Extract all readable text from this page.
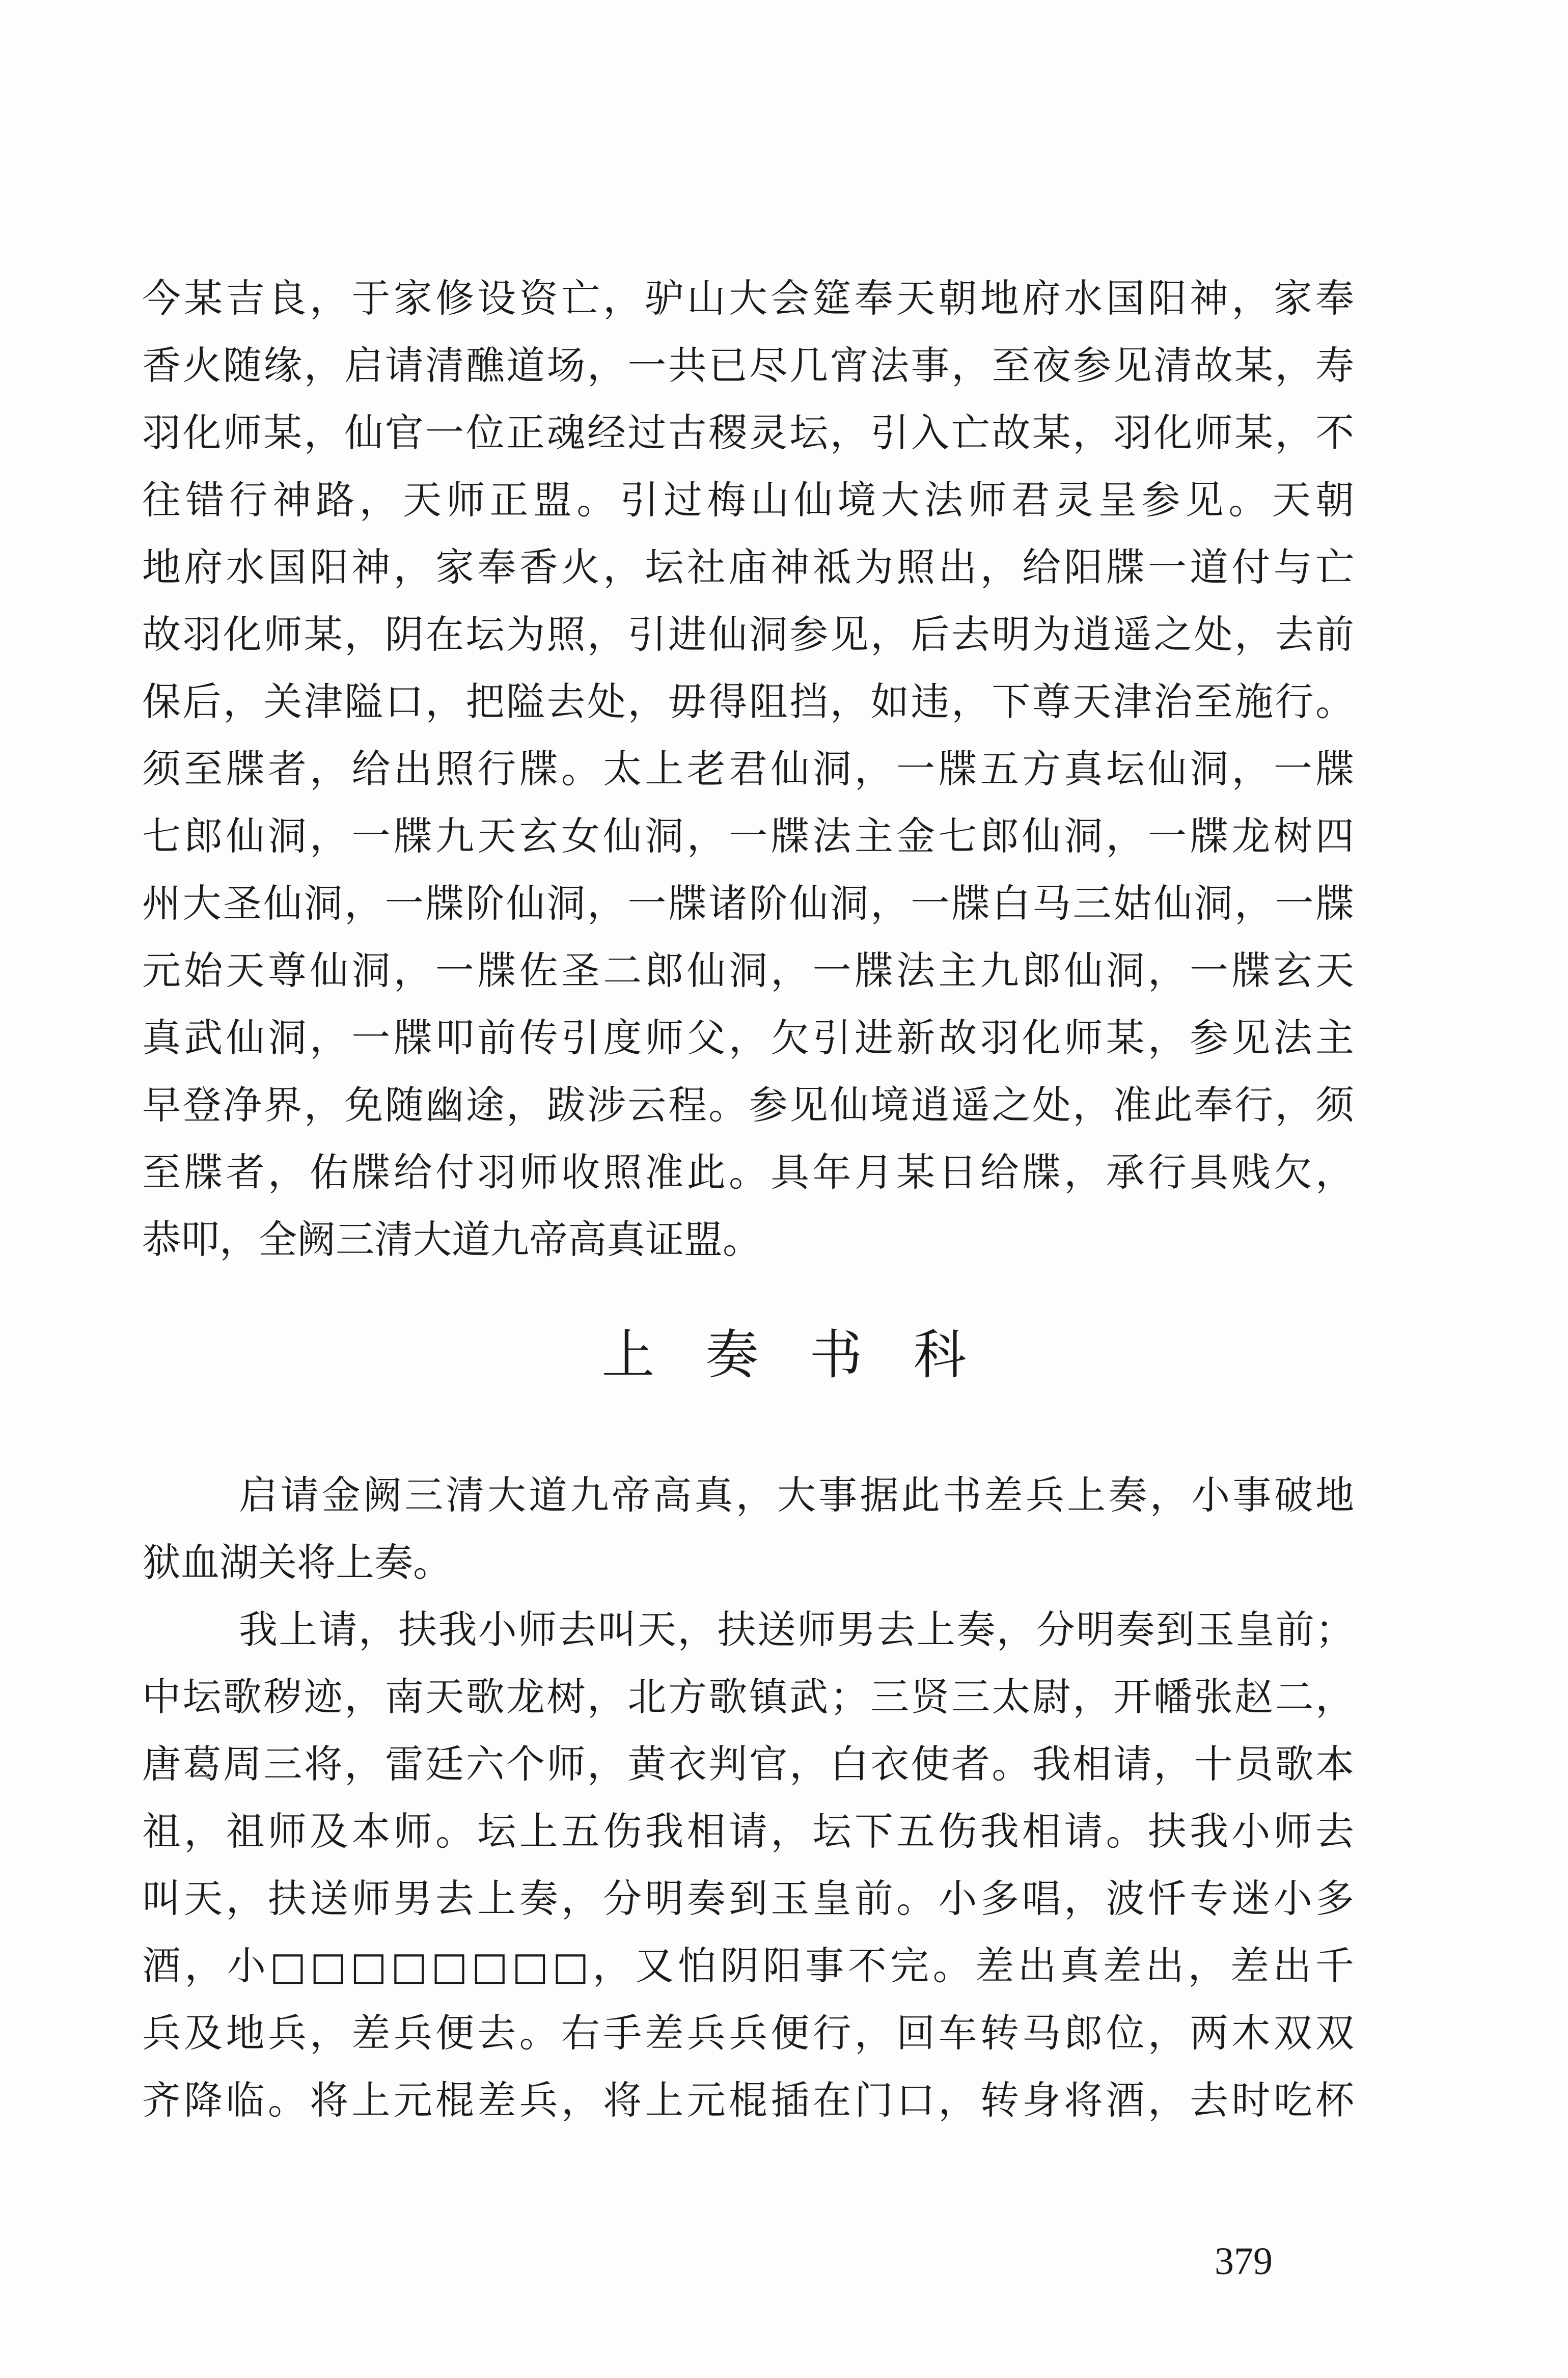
今某吉良，于家修设资亡，驴山大会筵奉天朝地府水国阳神，家奉
香火随缘，启请清醮道场，一共已尽几宵法事，至夜参见清故某，寿
羽化师某，仙官一位正魂经过古稷灵坛，引入亡故某，羽化师某，不
往错行神路，天师正盟。引过梅山仙境大法师君灵呈参见。天朝
地府水国阳神，家奉香火，坛社庙神祗为照出，给阳牒一道付与亡
故羽化师某，阴在坛为照，引进仙洞参见，后去明为逍遥之处，去前
保后，关津隘口，把隘去处，毋得阻挡，如违，下尊天津治至施行。
须至牒者，给出照行牒。太上老君仙洞，一牒五方真坛仙洞，一牒
七郎仙洞，一牒九天玄女仙洞，一牒法主金七郎仙洞，一牒龙树四
州大圣仙洞，一牒阶仙洞，一牒诸阶仙洞，一牒白马三姑仙洞，一牒
元始天尊仙洞，一牒佐圣二郎仙洞，一牒法主九郎仙洞，一牒玄天
真武仙洞，一牒叩前传引度师父，欠引进新故羽化师某，参见法主
早登净界，免随幽途，跋涉云程。参见仙境逍遥之处，准此奉行，须
至牒者，佑牒给付羽师收照准此。具年月某日给牒，承行具贱欠，
恭叩，全阙三清大道九帝高真证盟。
上奏书科
启请金阙三清大道九帝高真，大事据此书差兵上奏，小事破地
狱血湖关将上奏。
我上请，扶我小师去叫天，扶送师男去上奏，分明奏到玉皇前；
中坛歌秽迹，南天歌龙树，北方歌镇武；三贤三太尉，开幡张赵二，
唐葛周三将，雷廷六个师，黄衣判官，白衣使者。我相请，十员歌本
祖，祖师及本师。坛上五伤我相请，坛下五伤我相请。扶我小师去
叫天，扶送师男去上奏，分明奏到玉皇前。小多唱，波忏专迷小多
酒，小□□□□□□□□，又怕阴阳事不完。差出真差出，差出千
兵及地兵，差兵便去。右手差兵兵便行，回车转马郎位，两木双双
齐降临。将上元棍差兵，将上元棍插在门口，转身将酒，去时吃杯
379
